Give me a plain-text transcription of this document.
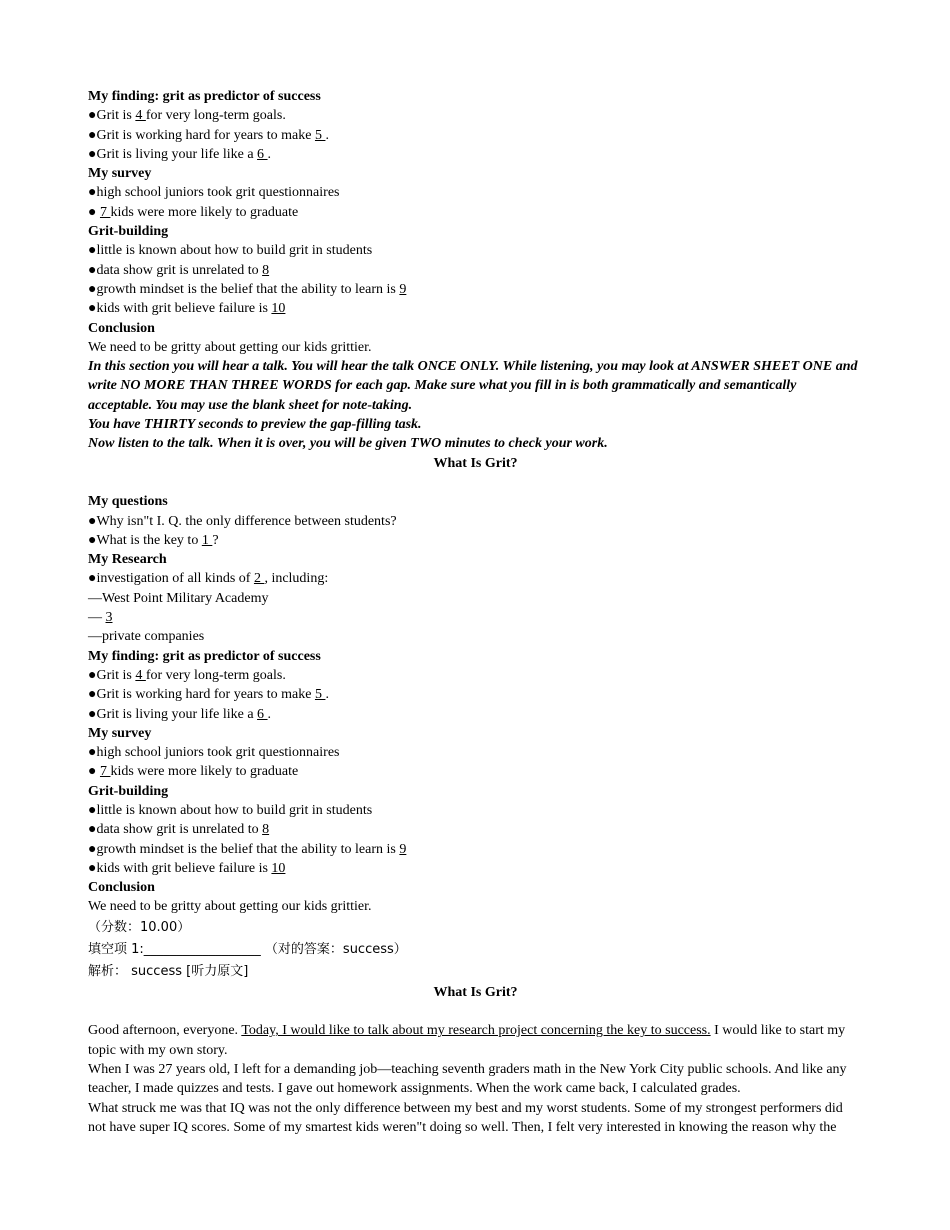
My finding: grit as predictor of success
●Grit is 4 for very long-term goals.
●Grit is working hard for years to make 5 .
●Grit is living your life like a 6 .
My survey
●high school juniors took grit questionnaires
● 7 kids were more likely to graduate
Grit-building
●little is known about how to build grit in students
●data show grit is unrelated to 8
●growth mindset is the belief that the ability to learn is 9
●kids with grit believe failure is 10
Conclusion
We need to be gritty about getting our kids grittier.
In this section you will hear a talk. You will hear the talk ONCE ONLY. While listening, you may look at ANSWER SHEET ONE and write NO MORE THAN THREE WORDS for each gap. Make sure what you fill in is both grammatically and semantically acceptable. You may use the blank sheet for note-taking.
You have THIRTY seconds to preview the gap-filling task.
Now listen to the talk. When it is over, you will be given TWO minutes to check your work.
What Is Grit?
My questions
●Why isn"t I. Q. the only difference between students?
●What is the key to 1 ?
My Research
●investigation of all kinds of 2 , including:
—West Point Military Academy
— 3
—private companies
My finding: grit as predictor of success
●Grit is 4 for very long-term goals.
●Grit is working hard for years to make 5 .
●Grit is living your life like a 6 .
My survey
●high school juniors took grit questionnaires
● 7 kids were more likely to graduate
Grit-building
●little is known about how to build grit in students
●data show grit is unrelated to 8
●growth mindset is the belief that the ability to learn is 9
●kids with grit believe failure is 10
Conclusion
We need to be gritty about getting our kids grittier.
（分数：10.00）
填空项 1:__________________ （对的答案：success）
解析： success [听力原文]
What Is Grit?
Good afternoon, everyone. Today, I would like to talk about my research project concerning the key to success. I would like to start my topic with my own story.
When I was 27 years old, I left for a demanding job—teaching seventh graders math in the New York City public schools. And like any teacher, I made quizzes and tests. I gave out homework assignments. When the work came back, I calculated grades.
What struck me was that IQ was not the only difference between my best and my worst students. Some of my strongest performers did not have super IQ scores. Some of my smartest kids weren"t doing so well. Then, I felt very interested in knowing the reason why the
